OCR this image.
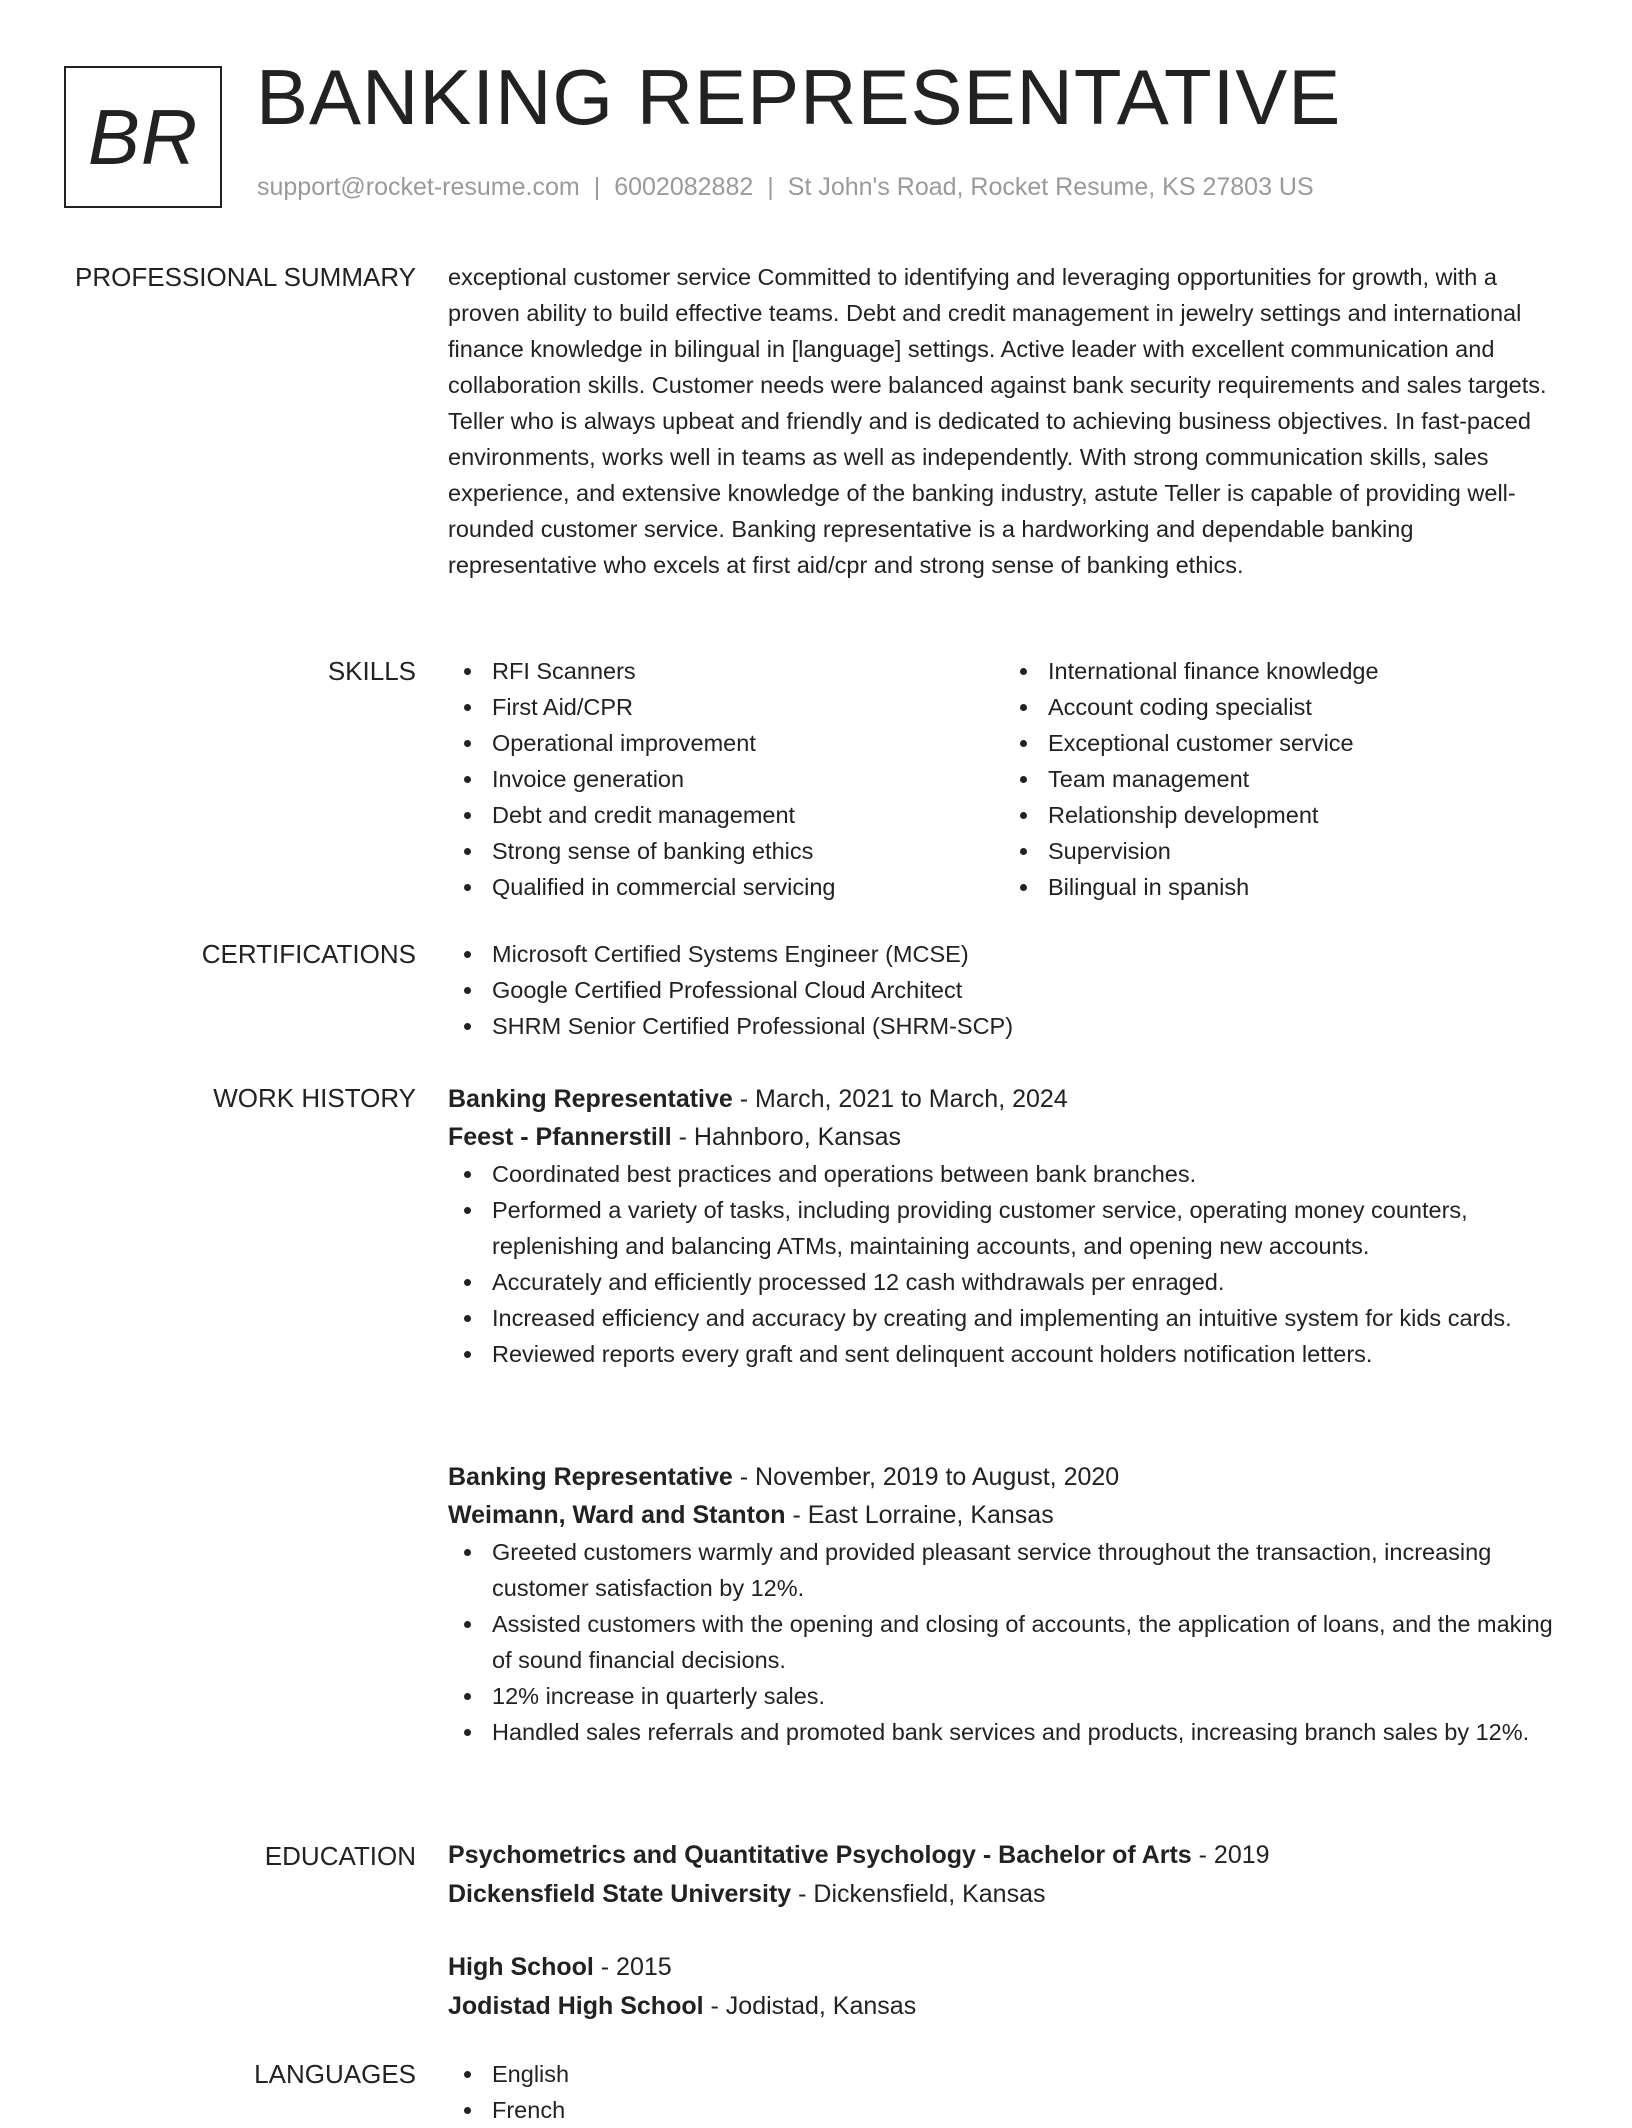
BR BANKING REPRESENTATIVE
support@rocket-resume.com | 6002082882 | St John's Road, Rocket Resume, KS 27803 US
PROFESSIONAL SUMMARY exceptional customer service Committed to identifying and leveraging opportunities for growth, with a proven ability to build effective teams. Debt and credit management in jewelry settings and international finance knowledge in bilingual in [language] settings. Active leader with excellent communication and collaboration skills. Customer needs were balanced against bank security requirements and sales targets. Teller who is always upbeat and friendly and is dedicated to achieving business objectives. In fast-paced environments, works well in teams as well as independently. With strong communication skills, sales experience, and extensive knowledge of the banking industry, astute Teller is capable of providing well-rounded customer service. Banking representative is a hardworking and dependable banking representative who excels at first aid/cpr and strong sense of banking ethics.

SKILLS	RFI Scanners
First Aid/CPR
Operational improvement
Invoice generation
Debt and credit management
Strong sense of banking ethics
Qualified in commercial servicing
International finance knowledge
Account coding specialist
Exceptional customer service
Team management
Relationship development
Supervision
Bilingual in spanish
CERTIFICATIONS	Microsoft Certified Systems Engineer (MCSE)
Google Certified Professional Cloud Architect
SHRM Senior Certified Professional (SHRM-SCP)
WORK HISTORY Banking Representative - March, 2021 to March, 2024
Feest - Pfannerstill - Hahnboro, Kansas
Coordinated best practices and operations between bank branches.
Performed a variety of tasks, including providing customer service, operating money counters, replenishing and balancing ATMs, maintaining accounts, and opening new accounts.
Accurately and efficiently processed 12 cash withdrawals per enraged.
Increased efficiency and accuracy by creating and implementing an intuitive system for kids cards.
Reviewed reports every graft and sent delinquent account holders notification letters.
Banking Representative - November, 2019 to August, 2020
Weimann, Ward and Stanton - East Lorraine, Kansas
Greeted customers warmly and provided pleasant service throughout the transaction, increasing customer satisfaction by 12%.
Assisted customers with the opening and closing of accounts, the application of loans, and the making of sound financial decisions.
12% increase in quarterly sales.
Handled sales referrals and promoted bank services and products, increasing branch sales by 12%.
EDUCATION Psychometrics and Quantitative Psychology - Bachelor of Arts - 2019
Dickensfield State University - Dickensfield, Kansas
High School - 2015
Jodistad High School - Jodistad, Kansas
LANGUAGES	English
French
